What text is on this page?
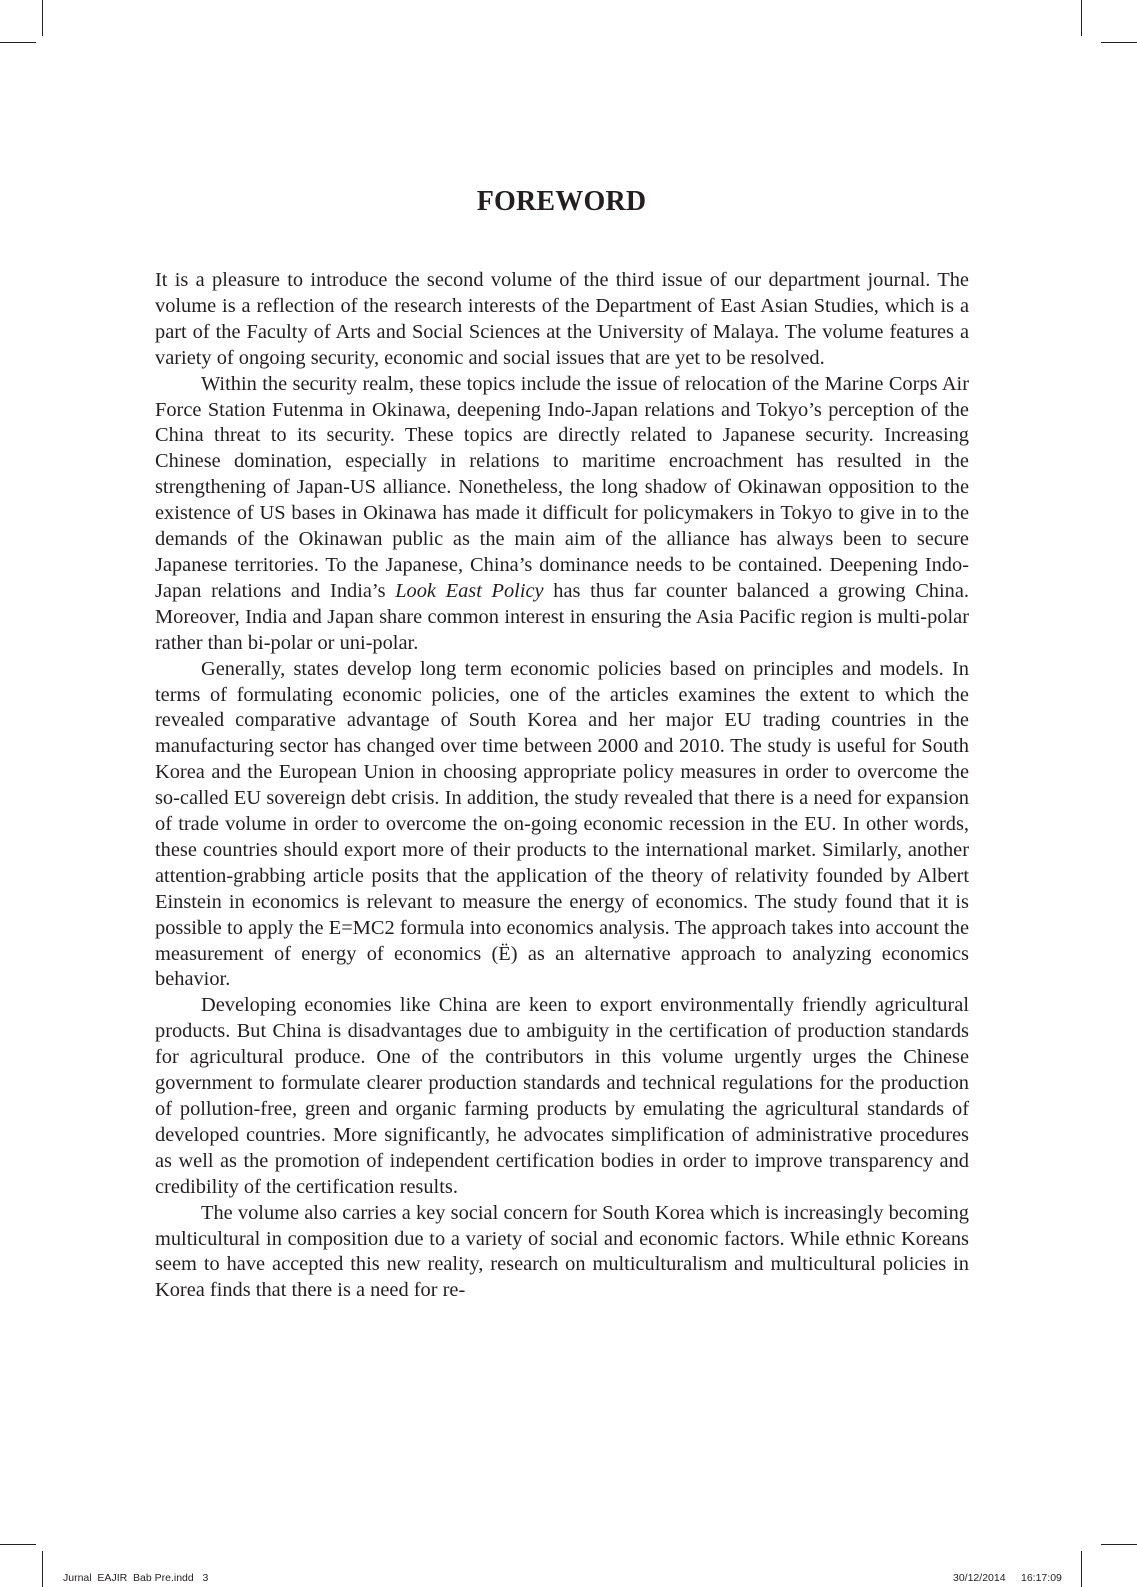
FOREWORD

It is a pleasure to introduce the second volume of the third issue of our department journal. The volume is a reflection of the research interests of the Department of East Asian Studies, which is a part of the Faculty of Arts and Social Sciences at the University of Malaya. The volume features a variety of ongoing security, economic and social issues that are yet to be resolved.

Within the security realm, these topics include the issue of relocation of the Marine Corps Air Force Station Futenma in Okinawa, deepening Indo-Japan relations and Tokyo’s perception of the China threat to its security. These topics are directly related to Japanese security. Increasing Chinese domination, especially in relations to maritime encroachment has resulted in the strengthening of Japan-US alliance. Nonetheless, the long shadow of Okinawan opposition to the existence of US bases in Okinawa has made it difficult for policymakers in Tokyo to give in to the demands of the Okinawan public as the main aim of the alliance has always been to secure Japanese territories. To the Japanese, China’s dominance needs to be contained. Deepening Indo-Japan relations and India’s Look East Policy has thus far counter balanced a growing China. Moreover, India and Japan share common interest in ensuring the Asia Pacific region is multi-polar rather than bi-polar or uni-polar.

Generally, states develop long term economic policies based on principles and models. In terms of formulating economic policies, one of the articles examines the extent to which the revealed comparative advantage of South Korea and her major EU trading countries in the manufacturing sector has changed over time between 2000 and 2010. The study is useful for South Korea and the European Union in choosing appropriate policy measures in order to overcome the so-called EU sovereign debt crisis. In addition, the study revealed that there is a need for expansion of trade volume in order to overcome the on-going economic recession in the EU. In other words, these countries should export more of their products to the international market. Similarly, another attention-grabbing article posits that the application of the theory of relativity founded by Albert Einstein in economics is relevant to measure the energy of economics. The study found that it is possible to apply the E=MC2 formula into economics analysis. The approach takes into account the measurement of energy of economics (Ë) as an alternative approach to analyzing economics behavior.

Developing economies like China are keen to export environmentally friendly agricultural products. But China is disadvantages due to ambiguity in the certification of production standards for agricultural produce. One of the contributors in this volume urgently urges the Chinese government to formulate clearer production standards and technical regulations for the production of pollution-free, green and organic farming products by emulating the agricultural standards of developed countries. More significantly, he advocates simplification of administrative procedures as well as the promotion of independent certification bodies in order to improve transparency and credibility of the certification results.

The volume also carries a key social concern for South Korea which is increasingly becoming multicultural in composition due to a variety of social and economic factors. While ethnic Koreans seem to have accepted this new reality, research on multiculturalism and multicultural policies in Korea finds that there is a need for re-

Jurnal  EAJIR  Bab Pre.indd   3	30/12/2014 16:17:09
